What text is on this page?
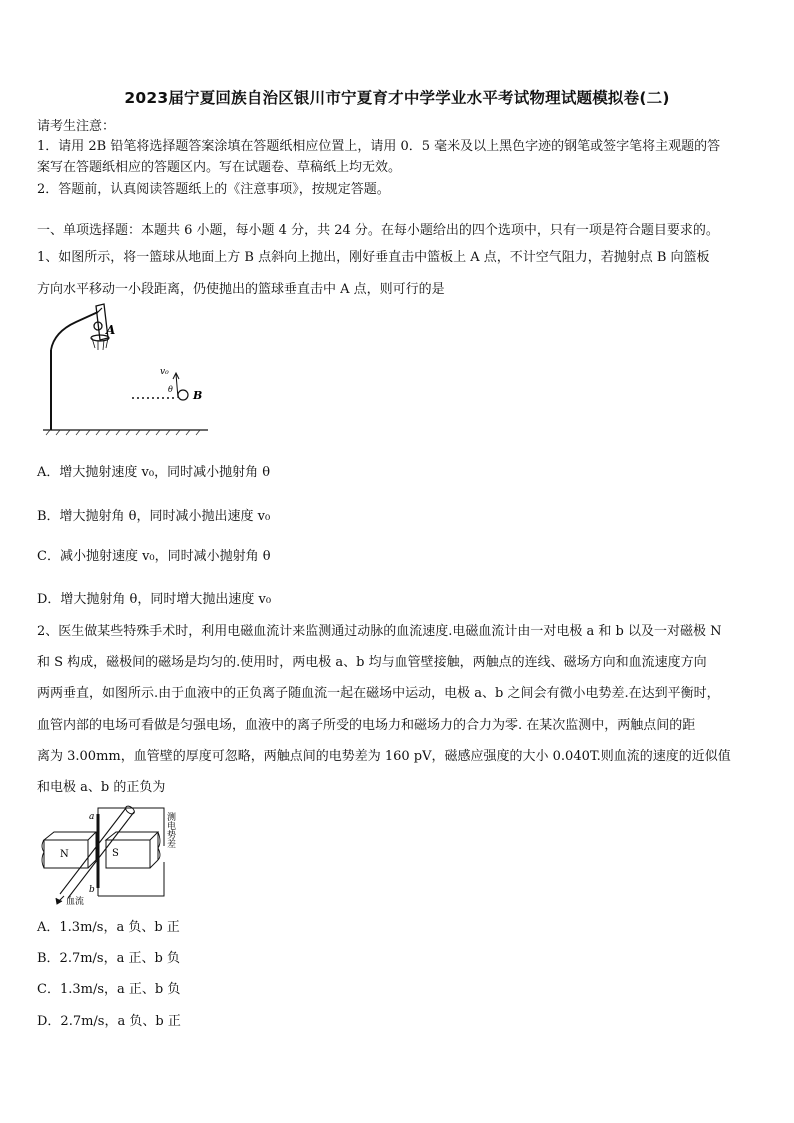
2023届宁夏回族自治区银川市宁夏育才中学学业水平考试物理试题模拟卷(二)
请考生注意：
1．请用 2B 铅笔将选择题答案涂填在答题纸相应位置上，请用 0．5 毫米及以上黑色字迹的钢笔或签字笔将主观题的答
案写在答题纸相应的答题区内。写在试题卷、草稿纸上均无效。
2．答题前，认真阅读答题纸上的《注意事项》，按规定答题。
一、单项选择题：本题共 6 小题，每小题 4 分，共 24 分。在每小题给出的四个选项中，只有一项是符合题目要求的。
1、如图所示，将一篮球从地面上方 B 点斜向上抛出，刚好垂直击中篮板上 A 点，不计空气阻力，若抛射点 B 向篮板
方向水平移动一小段距离，仍使抛出的篮球垂直击中 A 点，则可行的是
A
v₀
θ B
A．增大抛射速度 v₀，同时减小抛射角 θ
B．增大抛射角 θ，同时减小抛出速度 v₀
C．减小抛射速度 v₀，同时减小抛射角 θ
D．增大抛射角 θ，同时增大抛出速度 v₀
2、医生做某些特殊手术时，利用电磁血流计来监测通过动脉的血流速度.电磁血流计由一对电极 a 和 b 以及一对磁极 N
和 S 构成，磁极间的磁场是均匀的.使用时，两电极 a、b 均与血管壁接触，两触点的连线、磁场方向和血流速度方向
两两垂直，如图所示.由于血液中的正负离子随血流一起在磁场中运动，电极 a、b 之间会有微小电势差.在达到平衡时，
血管内部的电场可看做是匀强电场，血液中的离子所受的电场力和磁场力的合力为零. 在某次监测中，两触点间的距
离为 3.00mm，血管壁的厚度可忽略，两触点间的电势差为 160 pV，磁感应强度的大小 0.040T.则血流的速度的近似值
和电极 a、b 的正负为
N	S
a
b
血流
测电势差
A．1.3m/s，a 负、b 正
B．2.7m/s，a 正、b 负
C．1.3m/s，a 正、b 负
D．2.7m/s，a 负、b 正
